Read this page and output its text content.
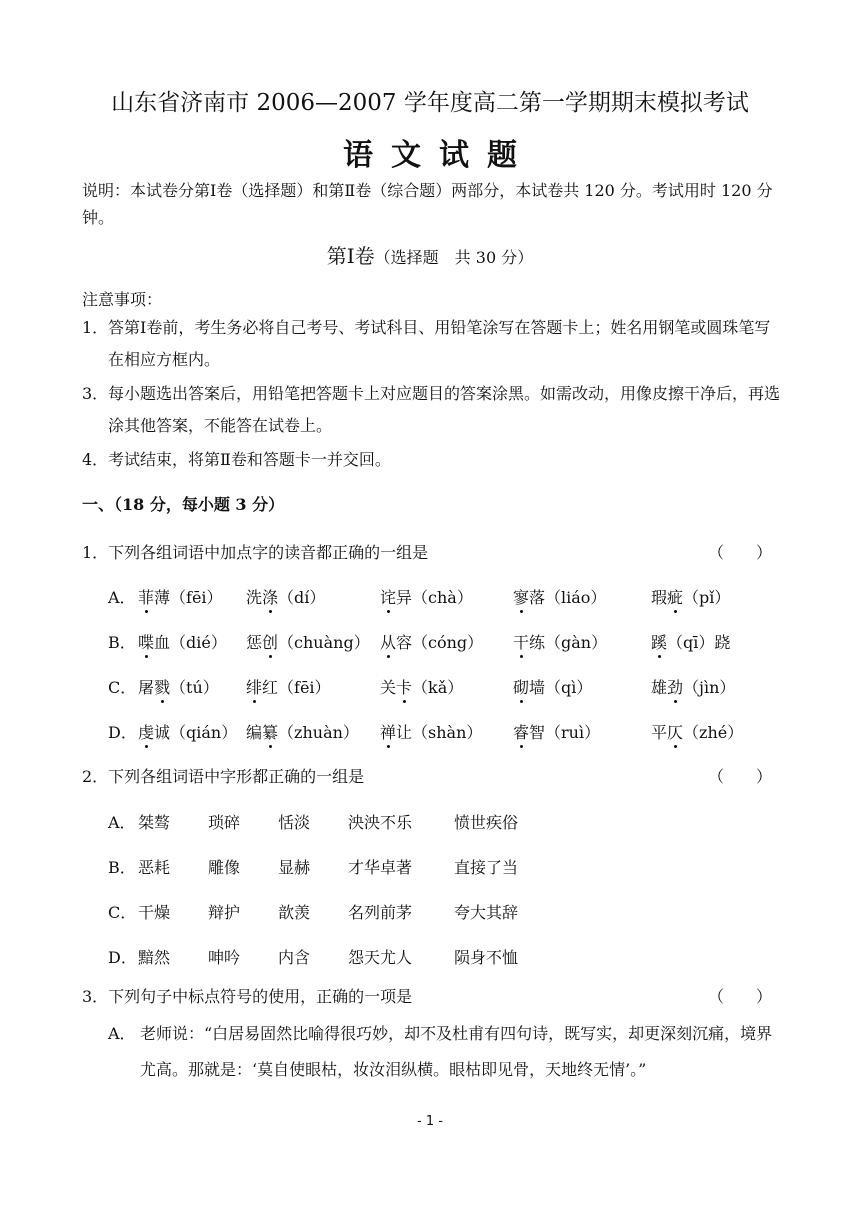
山东省济南市 2006—2007 学年度高二第一学期期末模拟考试
语文试题
说明：本试卷分第Ⅰ卷（选择题）和第Ⅱ卷（综合题）两部分，本试卷共 120 分。考试用时 120 分钟。
第Ⅰ卷（选择题　共 30 分）
注意事项：
1． 答第Ⅰ卷前，考生务必将自己考号、考试科目、用铅笔涂写在答题卡上；姓名用钢笔或圆珠笔写在相应方框内。
3． 每小题选出答案后，用铅笔把答题卡上对应题目的答案涂黑。如需改动，用像皮擦干净后，再选涂其他答案，不能答在试卷上。
4． 考试结束，将第Ⅱ卷和答题卡一并交回。
一、（18 分，每小题 3 分）
1．下列各组词语中加点字的读音都正确的一组是	（　　）
A． 菲薄（fēi） 洗涤（dí）	诧异（chà）	寥落（liáo）	瑕疵（pǐ）
B． 喋血（dié） 惩创（chuàng） 从容（cóng） 干练（gàn）	蹊（qī）跷
C． 屠戮（tú） 绯红（fēi）	关卡（kǎ）	砌墙（qì）	雄劲（jìn）
D． 虔诚（qián） 编纂（zhuàn） 禅让（shàn） 睿智（ruì）	平仄（zhé）
2．下列各组词语中字形都正确的一组是	（　　）
A． 桀骜 琐碎 恬淡 泱泱不乐	愤世疾俗
B． 恶耗 雕像 显赫 才华卓著	直接了当
C． 干燥 辩护 歆羡 名列前茅	夸大其辞
D． 黯然 呻吟 内含 怨天尤人	陨身不恤
3．下列句子中标点符号的使用，正确的一项是	（　　）
A． 老师说：“白居易固然比喻得很巧妙，却不及杜甫有四句诗，既写实，却更深刻沉痛，境界尤高。那就是：‘莫自使眼枯，妆汝泪纵横。眼枯即见骨，天地终无情’。”
- 1 -
